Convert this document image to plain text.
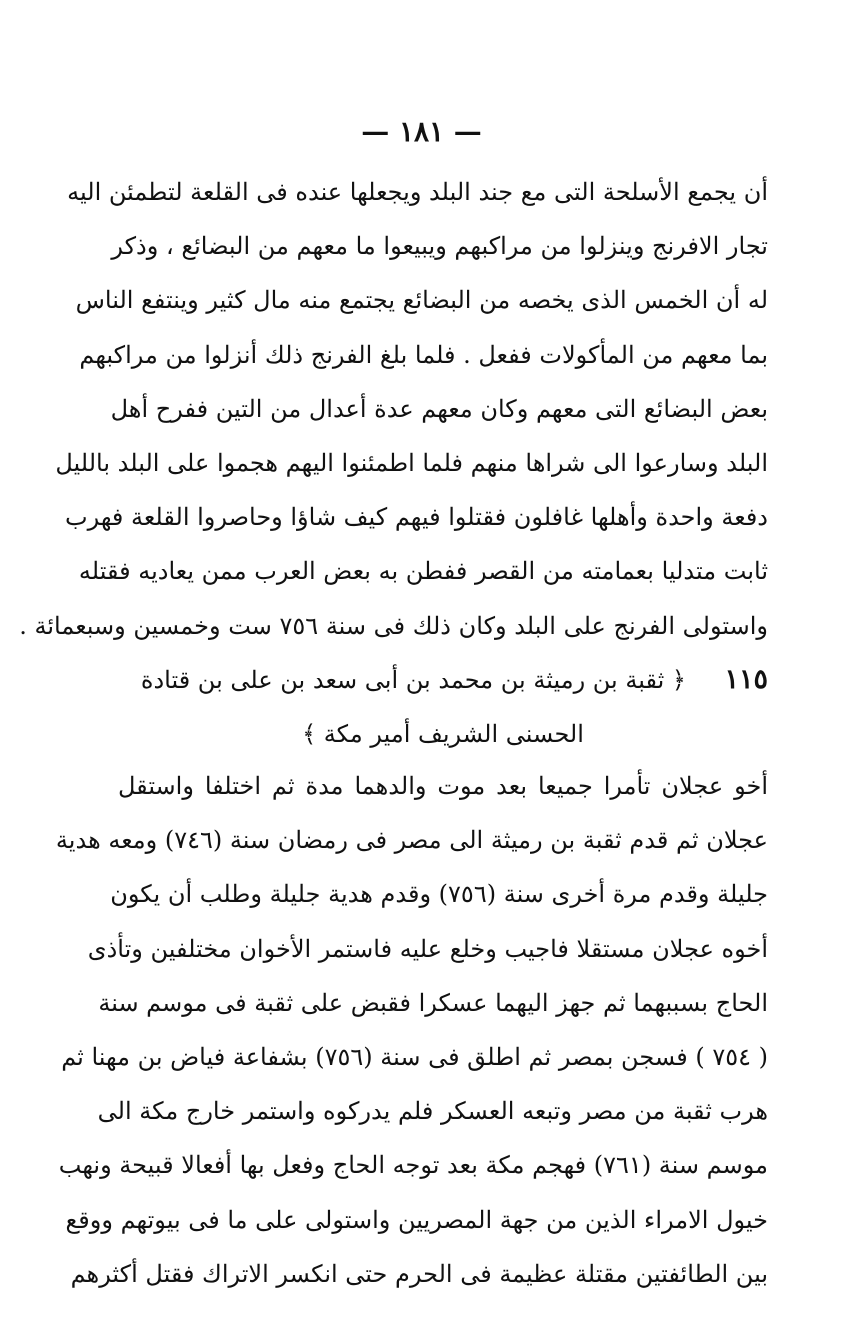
— ١٨١ —
أن يجمع الأسلحة التى مع جند البلد ويجعلها عنده فى القلعة لتطمئن اليه
تجار الافرنج وينزلوا من مراكبهم ويبيعوا ما معهم من البضائع ، وذكر
له أن الخمس الذى يخصه من البضائع يجتمع منه مال كثير وينتفع الناس
بما معهم من المأكولات ففعل . فلما بلغ الفرنج ذلك أنزلوا من مراكبهم
بعض البضائع التى معهم وكان معهم عدة أعدال من التين ففرح أهل
البلد وسارعوا الى شراها منهم فلما اطمئنوا اليهم هجموا على البلد بالليل
دفعة واحدة وأهلها غافلون فقتلوا فيهم كيف شاؤا وحاصروا القلعة فهرب
ثابت متدليا بعمامته من القصر ففطن به بعض العرب ممن يعاديه فقتله
واستولى الفرنج على البلد وكان ذلك فى سنة ٧٥٦ ست وخمسين وسبعمائة .
١١٥
﴿ ثقبة بن رميثة بن محمد بن أبى سعد بن على بن قتادة
الحسنى الشريف أمير مكة ﴾
أخو عجلان تأمرا جميعا بعد موت والدهما مدة ثم اختلفا واستقل
عجلان ثم قدم ثقبة بن رميثة الى مصر فى رمضان سنة (٧٤٦) ومعه هدية
جليلة وقدم مرة أخرى سنة (٧٥٦) وقدم هدية جليلة وطلب أن يكون
أخوه عجلان مستقلا فاجيب وخلع عليه فاستمر الأخوان مختلفين وتأذى
الحاج بسببهما ثم جهز اليهما عسكرا فقبض على ثقبة فى موسم سنة
( ٧٥٤ ) فسجن بمصر ثم اطلق فى سنة (٧٥٦) بشفاعة فياض بن مهنا ثم
هرب ثقبة من مصر وتبعه العسكر فلم يدركوه واستمر خارج مكة الى
موسم سنة (٧٦١) فهجم مكة بعد توجه الحاج وفعل بها أفعالا قبيحة ونهب
خيول الامراء الذين من جهة المصريين واستولى على ما فى بيوتهم ووقع
بين الطائفتين مقتلة عظيمة فى الحرم حتى انكسر الاتراك فقتل أكثرهم
